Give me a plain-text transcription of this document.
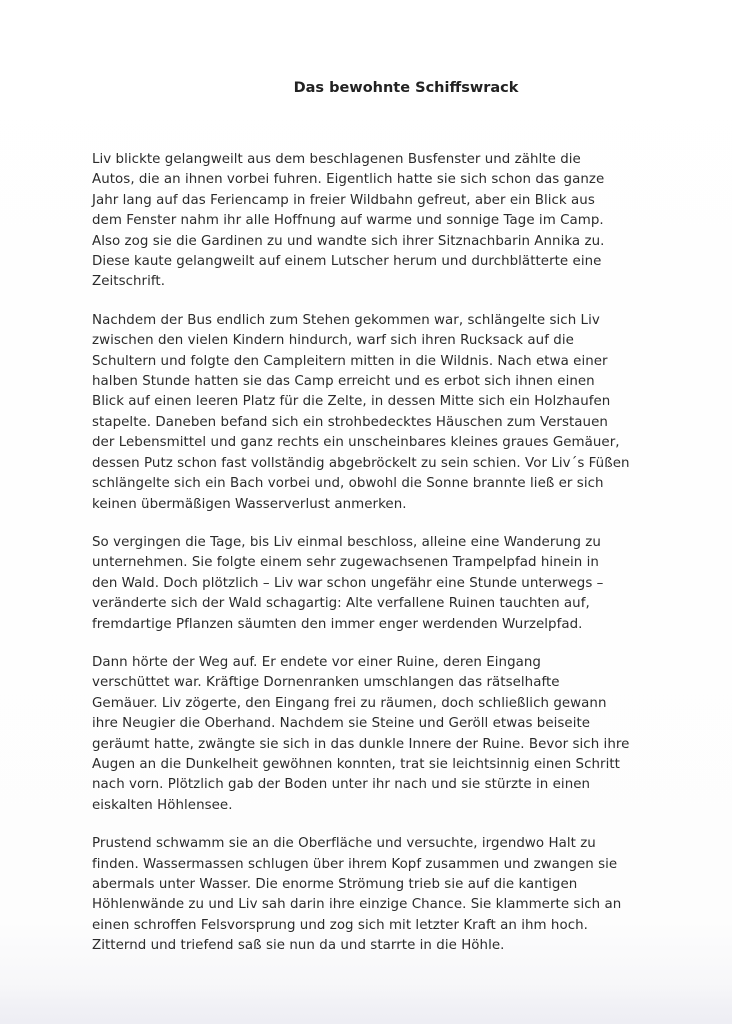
Das bewohnte Schiffswrack

Liv blickte gelangweilt aus dem beschlagenen Busfenster und zählte die
Autos, die an ihnen vorbei fuhren. Eigentlich hatte sie sich schon das ganze
Jahr lang auf das Feriencamp in freier Wildbahn gefreut, aber ein Blick aus
dem Fenster nahm ihr alle Hoffnung auf warme und sonnige Tage im Camp.
Also zog sie die Gardinen zu und wandte sich ihrer Sitznachbarin Annika zu.
Diese kaute gelangweilt auf einem Lutscher herum und durchblätterte eine
Zeitschrift.

Nachdem der Bus endlich zum Stehen gekommen war, schlängelte sich Liv
zwischen den vielen Kindern hindurch, warf sich ihren Rucksack auf die
Schultern und folgte den Campleitern mitten in die Wildnis. Nach etwa einer
halben Stunde hatten sie das Camp erreicht und es erbot sich ihnen einen
Blick auf einen leeren Platz für die Zelte, in dessen Mitte sich ein Holzhaufen
stapelte. Daneben befand sich ein strohbedecktes Häuschen zum Verstauen
der Lebensmittel und ganz rechts ein unscheinbares kleines graues Gemäuer,
dessen Putz schon fast vollständig abgebröckelt zu sein schien. Vor Liv´s Füßen
schlängelte sich ein Bach vorbei und, obwohl die Sonne brannte ließ er sich
keinen übermäßigen Wasserverlust anmerken.

So vergingen die Tage, bis Liv einmal beschloss, alleine eine Wanderung zu
unternehmen. Sie folgte einem sehr zugewachsenen Trampelpfad hinein in
den Wald. Doch plötzlich – Liv war schon ungefähr eine Stunde unterwegs –
veränderte sich der Wald schagartig: Alte verfallene Ruinen tauchten auf,
fremdartige Pflanzen säumten den immer enger werdenden Wurzelpfad.

Dann hörte der Weg auf. Er endete vor einer Ruine, deren Eingang
verschüttet war. Kräftige Dornenranken umschlangen das rätselhafte
Gemäuer. Liv zögerte, den Eingang frei zu räumen, doch schließlich gewann
ihre Neugier die Oberhand. Nachdem sie Steine und Geröll etwas beiseite
geräumt hatte, zwängte sie sich in das dunkle Innere der Ruine. Bevor sich ihre
Augen an die Dunkelheit gewöhnen konnten, trat sie leichtsinnig einen Schritt
nach vorn. Plötzlich gab der Boden unter ihr nach und sie stürzte in einen
eiskalten Höhlensee.

Prustend schwamm sie an die Oberfläche und versuchte, irgendwo Halt zu
finden. Wassermassen schlugen über ihrem Kopf zusammen und zwangen sie
abermals unter Wasser. Die enorme Strömung trieb sie auf die kantigen
Höhlenwände zu und Liv sah darin ihre einzige Chance. Sie klammerte sich an
einen schroffen Felsvorsprung und zog sich mit letzter Kraft an ihm hoch.
Zitternd und triefend saß sie nun da und starrte in die Höhle.
